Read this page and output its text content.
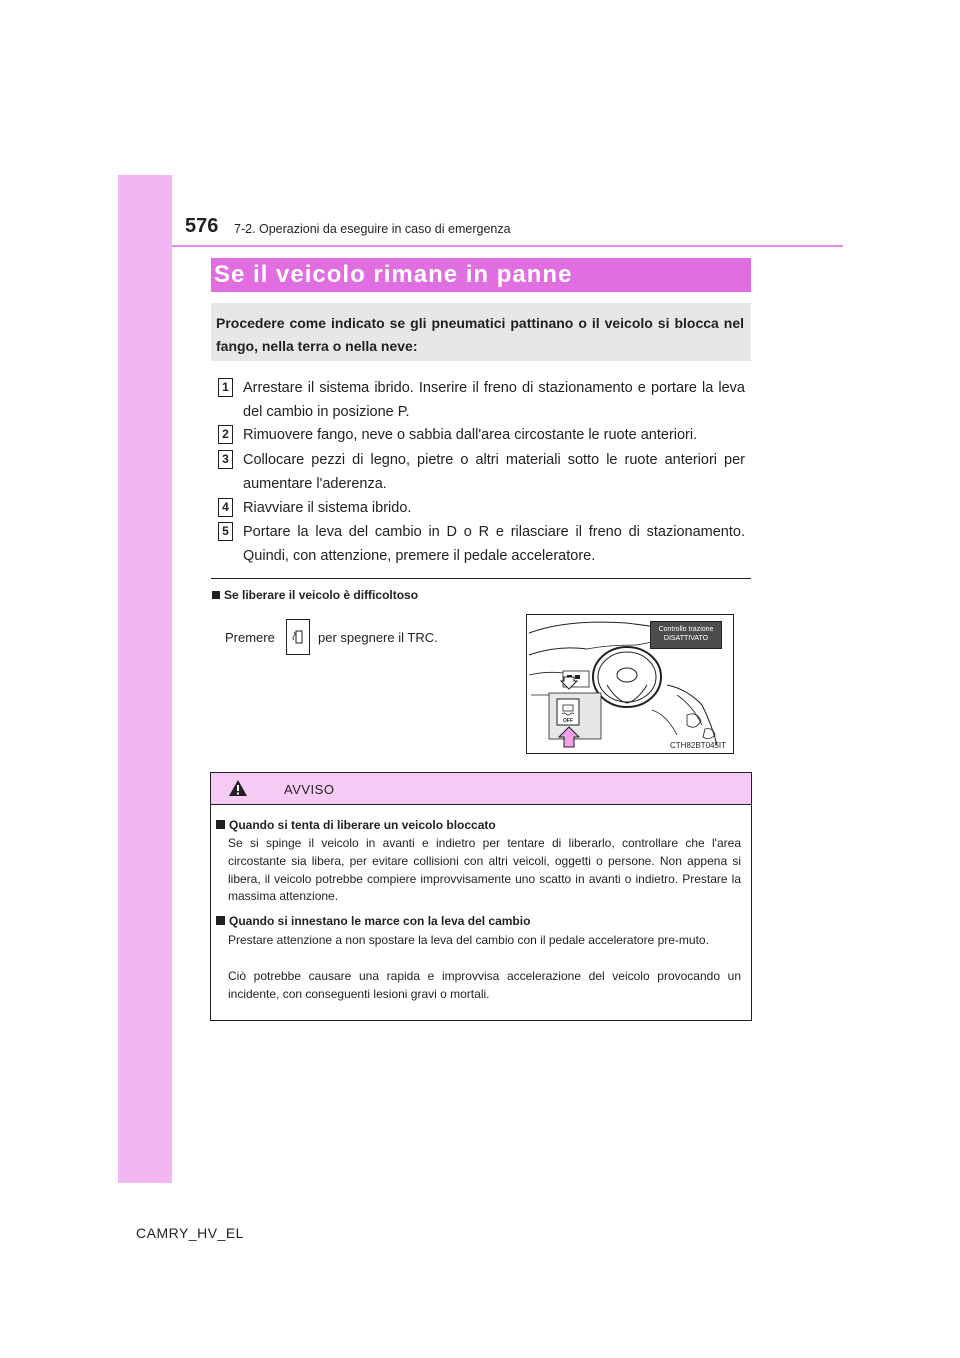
576 7-2. Operazioni da eseguire in caso di emergenza
Se il veicolo rimane in panne

Procedere come indicato se gli pneumatici pattinano o il veicolo si blocca nel fango, nella terra o nella neve:

1 Arrestare il sistema ibrido. Inserire il freno di stazionamento e portare la leva del cambio in posizione P.
2 Rimuovere fango, neve o sabbia dall'area circostante le ruote anteriori.
3 Collocare pezzi di legno, pietre o altri materiali sotto le ruote anteriori per aumentare l'aderenza.
4 Riavviare il sistema ibrido.
5 Portare la leva del cambio in D o R e rilasciare il freno di stazionamento. Quindi, con attenzione, premere il pedale acceleratore.
Se liberare il veicolo è difficoltoso
Premere	per spegnere il TRC.
OFF
Controllo trazione
DISATTIVATO
CTH82BT045IT
AVVISO
Quando si tenta di liberare un veicolo bloccato
Se si spinge il veicolo in avanti e indietro per tentare di liberarlo, controllare che l'area circostante sia libera, per evitare collisioni con altri veicoli, oggetti o persone. Non appena si libera, il veicolo potrebbe compiere improvvisamente uno scatto in avanti o indietro. Prestare la massima attenzione.
Quando si innestano le marce con la leva del cambio
Prestare attenzione a non spostare la leva del cambio con il pedale acceleratore pre-muto.
Ciò potrebbe causare una rapida e improvvisa accelerazione del veicolo provocando un incidente, con conseguenti lesioni gravi o mortali.
CAMRY_HV_EL
